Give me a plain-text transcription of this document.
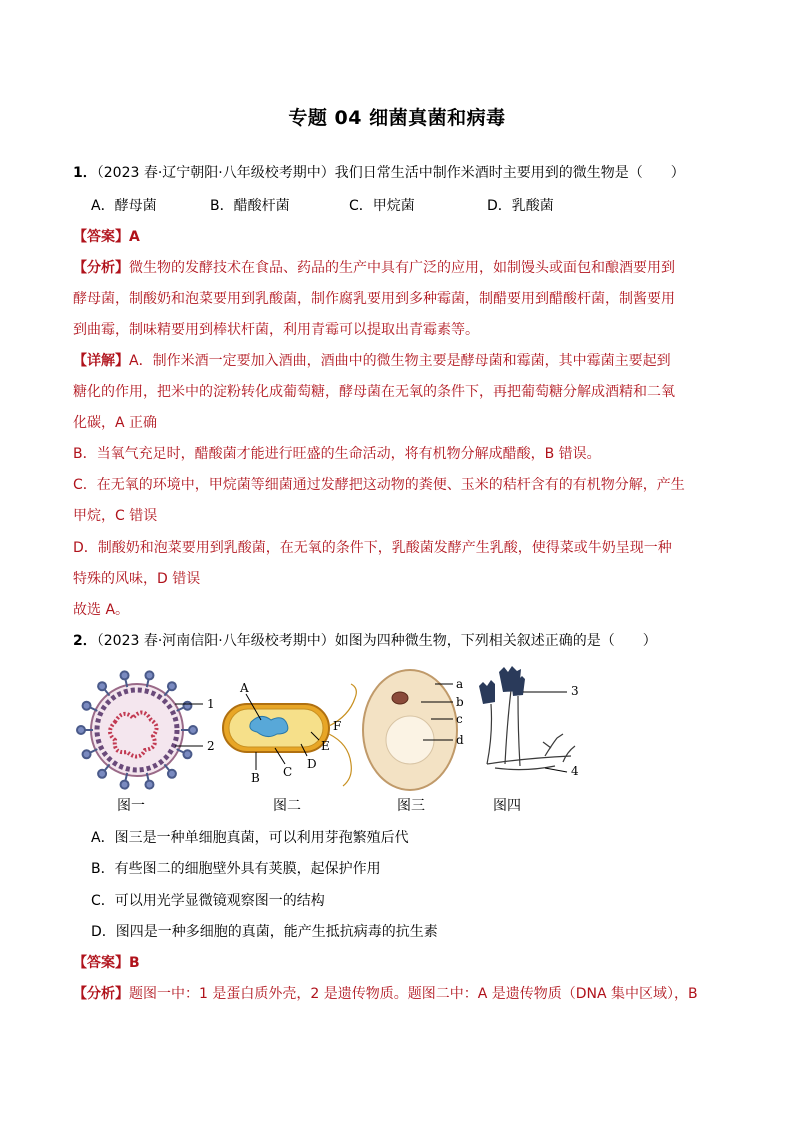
专题 04 细菌真菌和病毒
1．（2023 春·辽宁朝阳·八年级校考期中）我们日常生活中制作米酒时主要用到的微生物是（　　）
A．酵母菌	B．醋酸杆菌	C．甲烷菌	D．乳酸菌
【答案】A
【分析】微生物的发酵技术在食品、药品的生产中具有广泛的应用，如制馒头或面包和酿酒要用到
酵母菌，制酸奶和泡菜要用到乳酸菌，制作腐乳要用到多种霉菌，制醋要用到醋酸杆菌，制酱要用
到曲霉，制味精要用到棒状杆菌，利用青霉可以提取出青霉素等。
【详解】A．制作米酒一定要加入酒曲，酒曲中的微生物主要是酵母菌和霉菌，其中霉菌主要起到
糖化的作用，把米中的淀粉转化成葡萄糖，酵母菌在无氧的条件下，再把葡萄糖分解成酒精和二氧
化碳，A 正确
B．当氧气充足时，醋酸菌才能进行旺盛的生命活动，将有机物分解成醋酸，B 错误。
C．在无氧的环境中，甲烷菌等细菌通过发酵把这动物的粪便、玉米的秸杆含有的有机物分解，产生
甲烷，C 错误
D．制酸奶和泡菜要用到乳酸菌，在无氧的条件下，乳酸菌发酵产生乳酸，使得菜或牛奶呈现一种
特殊的风味，D 错误
故选 A。
2．（2023 春·河南信阳·八年级校考期中）如图为四种微生物，下列相关叙述正确的是（　　）
1
2
A
B C
D
E
F
a
b
c
d
3
4
图一	图二	图三	图四
A．图三是一种单细胞真菌，可以利用芽孢繁殖后代
B．有些图二的细胞壁外具有荚膜，起保护作用
C．可以用光学显微镜观察图一的结构
D．图四是一种多细胞的真菌，能产生抵抗病毒的抗生素
【答案】B
【分析】题图一中：1 是蛋白质外壳，2 是遗传物质。题图二中：A 是遗传物质（DNA 集中区域），B
